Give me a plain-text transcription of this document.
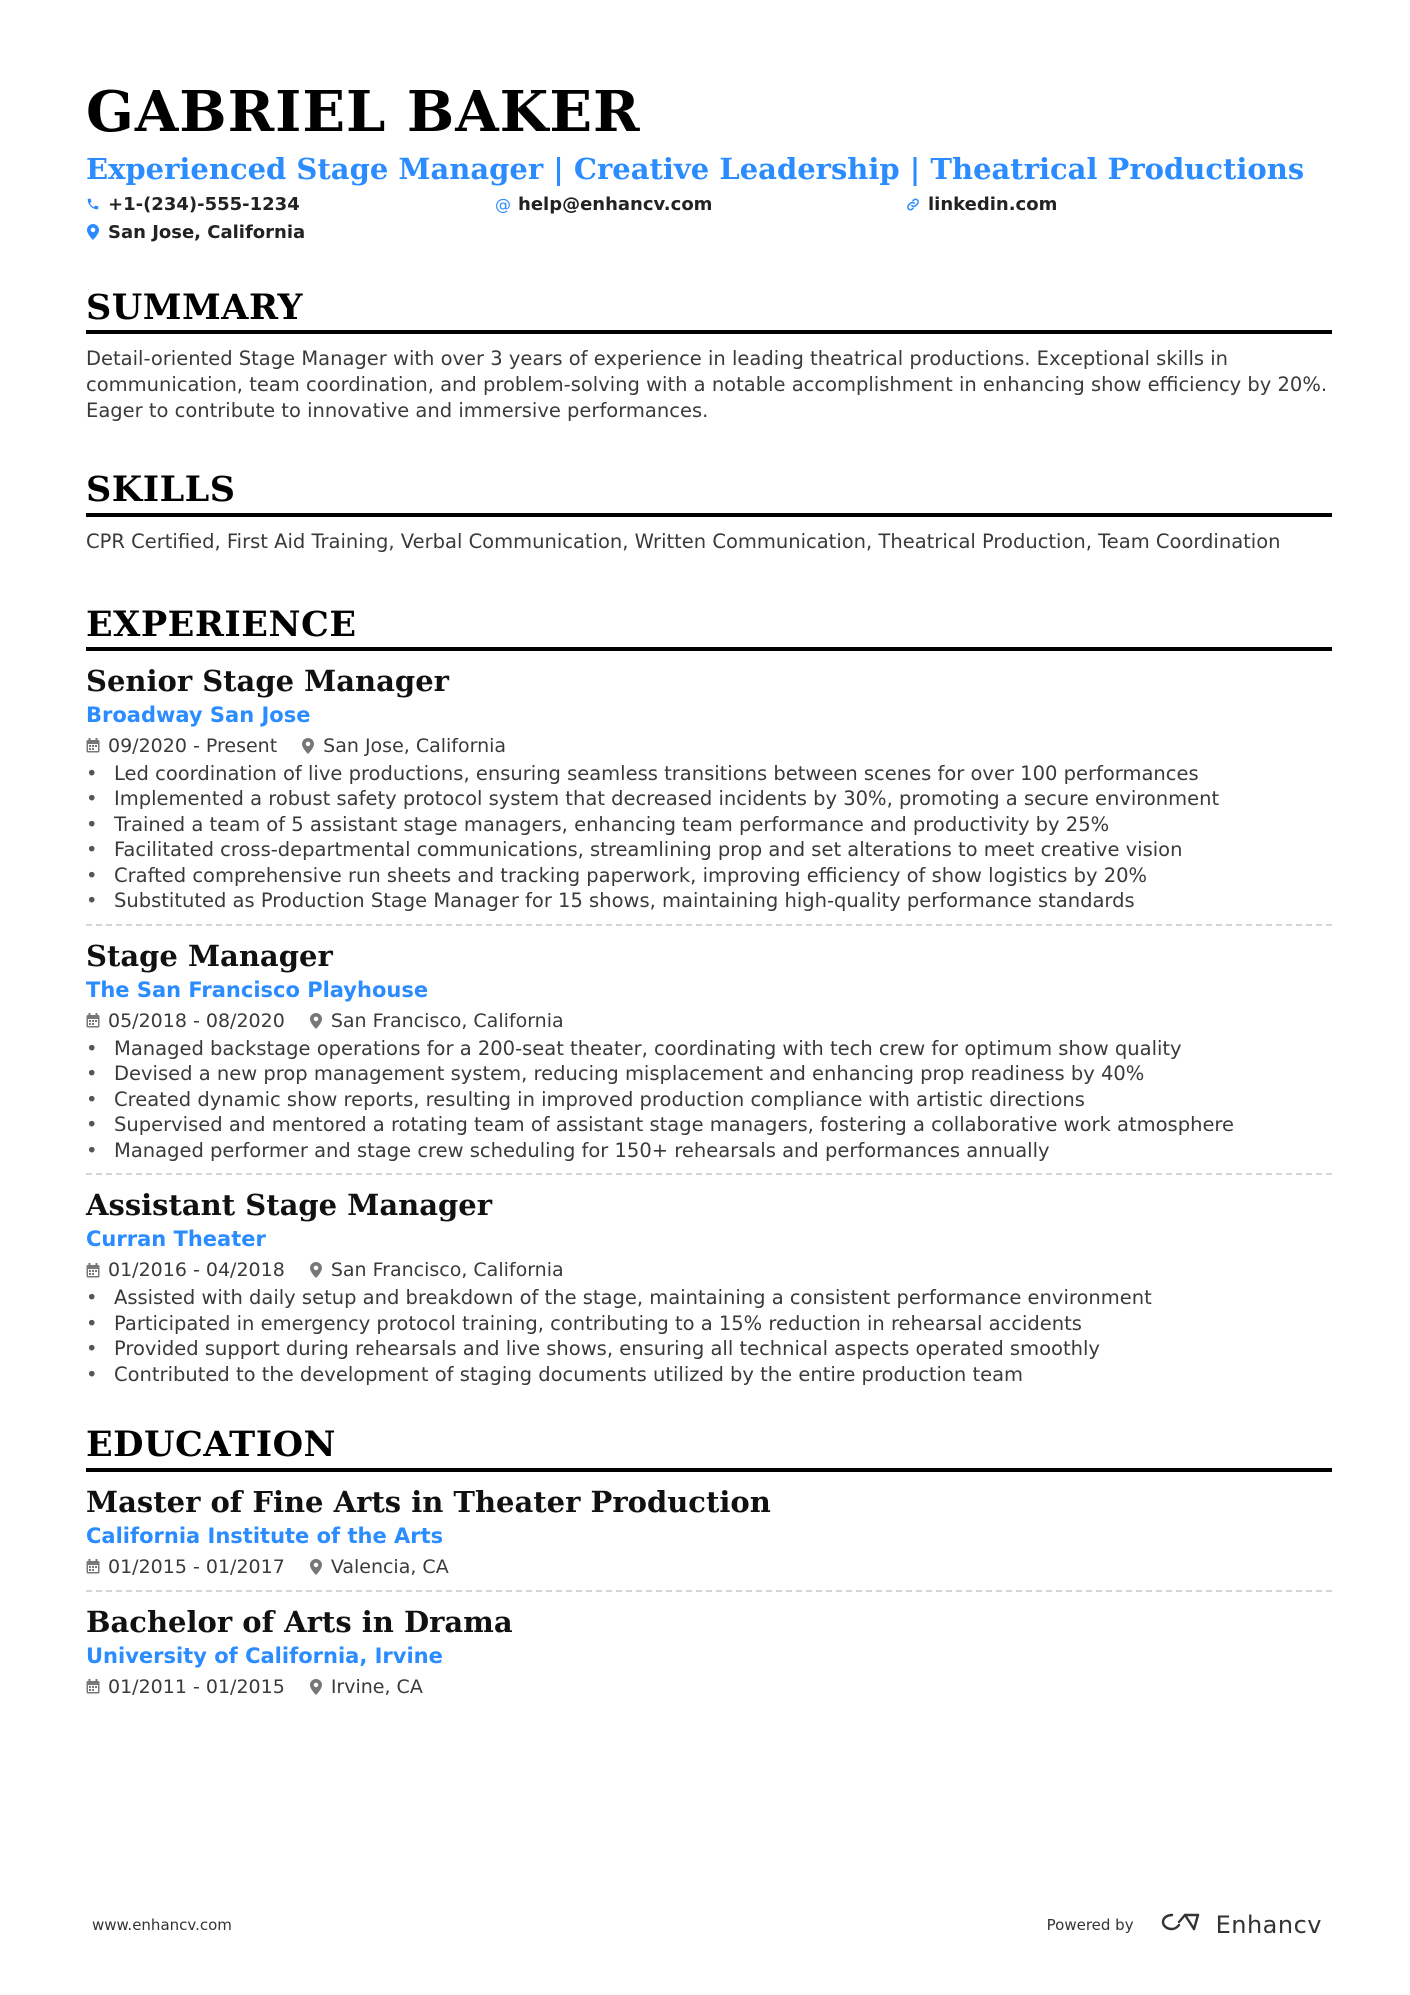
GABRIEL BAKER
Experienced Stage Manager | Creative Leadership | Theatrical Productions
+1-(234)-555-1234	@ help@enhancv.com	linkedin.com
San Jose, California
SUMMARY
Detail-oriented Stage Manager with over 3 years of experience in leading theatrical productions. Exceptional skills in communication, team coordination, and problem-solving with a notable accomplishment in enhancing show efficiency by 20%. Eager to contribute to innovative and immersive performances.
SKILLS
CPR Certified, First Aid Training, Verbal Communication, Written Communication, Theatrical Production, Team Coordination
EXPERIENCE
Senior Stage Manager
Broadway San Jose
09/2020 - Present San Jose, California
• Led coordination of live productions, ensuring seamless transitions between scenes for over 100 performances
• Implemented a robust safety protocol system that decreased incidents by 30%, promoting a secure environment
• Trained a team of 5 assistant stage managers, enhancing team performance and productivity by 25%
• Facilitated cross-departmental communications, streamlining prop and set alterations to meet creative vision
• Crafted comprehensive run sheets and tracking paperwork, improving efficiency of show logistics by 20%
• Substituted as Production Stage Manager for 15 shows, maintaining high-quality performance standards
Stage Manager
The San Francisco Playhouse
05/2018 - 08/2020 San Francisco, California
• Managed backstage operations for a 200-seat theater, coordinating with tech crew for optimum show quality
• Devised a new prop management system, reducing misplacement and enhancing prop readiness by 40%
• Created dynamic show reports, resulting in improved production compliance with artistic directions
• Supervised and mentored a rotating team of assistant stage managers, fostering a collaborative work atmosphere
• Managed performer and stage crew scheduling for 150+ rehearsals and performances annually
Assistant Stage Manager
Curran Theater
01/2016 - 04/2018 San Francisco, California
• Assisted with daily setup and breakdown of the stage, maintaining a consistent performance environment
• Participated in emergency protocol training, contributing to a 15% reduction in rehearsal accidents
• Provided support during rehearsals and live shows, ensuring all technical aspects operated smoothly
• Contributed to the development of staging documents utilized by the entire production team
EDUCATION
Master of Fine Arts in Theater Production
California Institute of the Arts
01/2015 - 01/2017 Valencia, CA
Bachelor of Arts in Drama
University of California, Irvine
01/2011 - 01/2015 Irvine, CA
www.enhancv.com	Powered by	Enhancv
